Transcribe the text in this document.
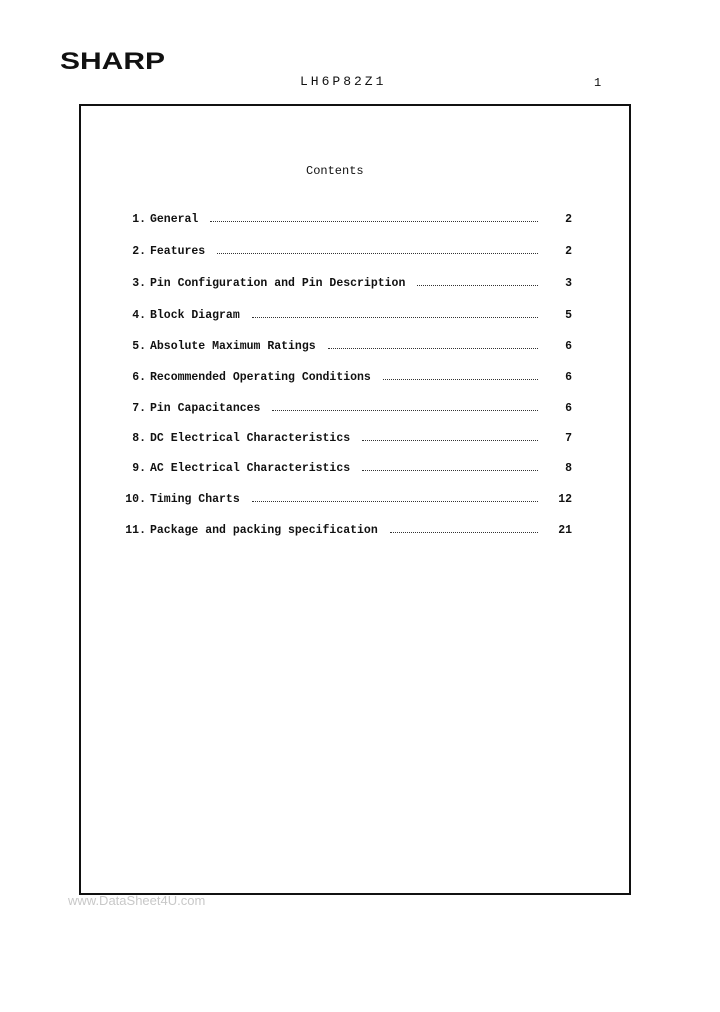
SHARP
LH6P82Z1	1
Contents
1. General	2
2. Features	2
3. Pin Configuration and Pin Description	3
4. Block Diagram	5
5. Absolute Maximum Ratings	6
6. Recommended Operating Conditions	6
7. Pin Capacitances	6
8. DC Electrical Characteristics	7
9. AC Electrical Characteristics	8
10. Timing Charts	12
11. Package and packing specification	21
www.DataSheet4U.com
